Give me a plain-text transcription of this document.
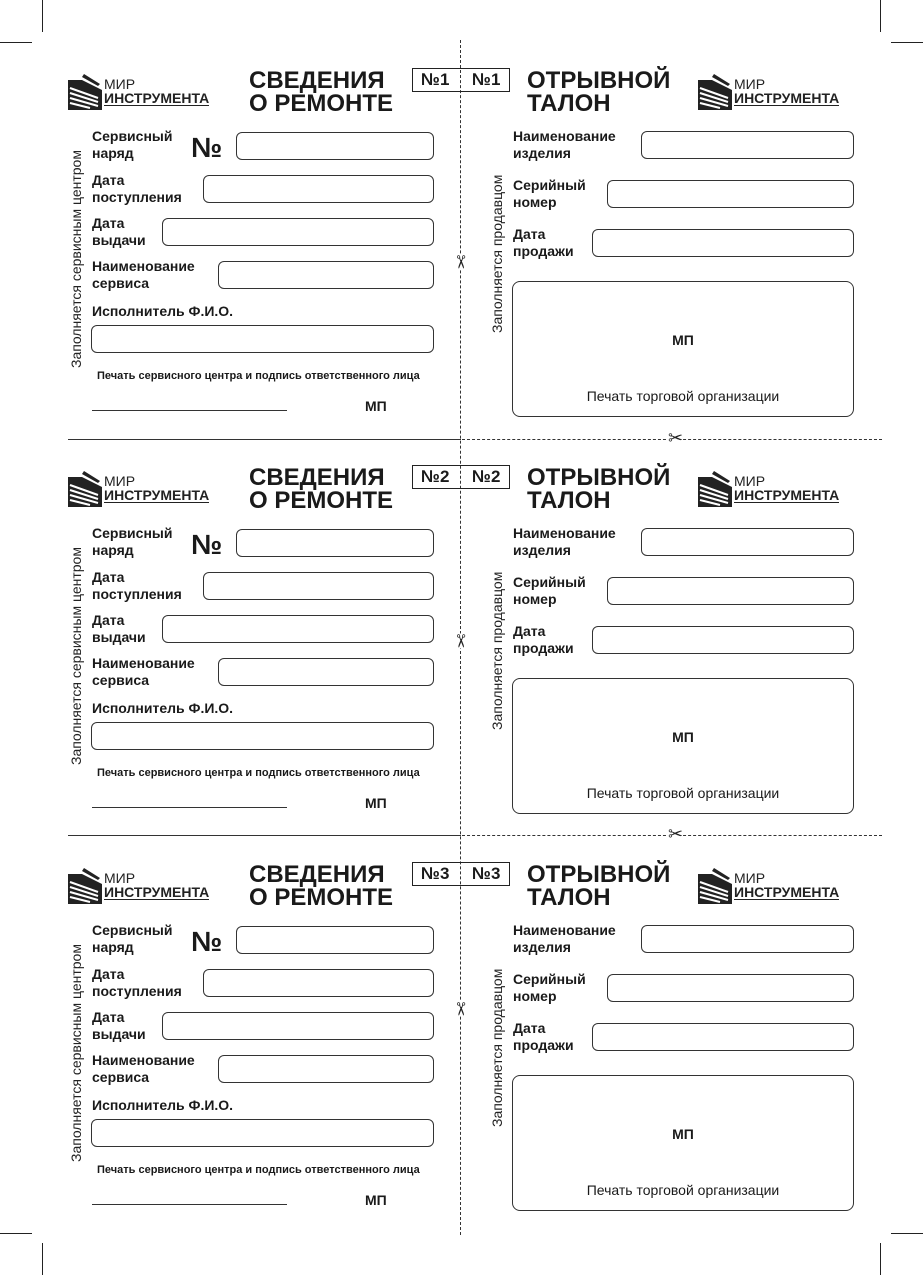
✂
✂
✂
✂
✂
МИР
ИНСТРУМЕНТА
СВЕДЕНИЯ
О РЕМОНТЕ
№1 №1
Заполняется сервисным центром
Сервисный
наряд	№
Дата
поступления
Дата
выдачи
Наименование
сервиса
Исполнитель Ф.И.О.
Печать сервисного центра и подпись ответственного лица
МП
ОТРЫВНОЙ
ТАЛОН
МИР
ИНСТРУМЕНТА
Заполняется продавцом
Наименование
изделия
Серийный
номер
Дата
продажи
МП
Печать торговой организации
МИР
ИНСТРУМЕНТА
СВЕДЕНИЯ
О РЕМОНТЕ
№2 №2
Заполняется сервисным центром
Сервисный
наряд	№
Дата
поступления
Дата
выдачи
Наименование
сервиса
Исполнитель Ф.И.О.
Печать сервисного центра и подпись ответственного лица
МП
ОТРЫВНОЙ
ТАЛОН
МИР
ИНСТРУМЕНТА
Заполняется продавцом
Наименование
изделия
Серийный
номер
Дата
продажи
МП
Печать торговой организации
МИР
ИНСТРУМЕНТА
СВЕДЕНИЯ
О РЕМОНТЕ
№3 №3
Заполняется сервисным центром
Сервисный
наряд	№
Дата
поступления
Дата
выдачи
Наименование
сервиса
Исполнитель Ф.И.О.
Печать сервисного центра и подпись ответственного лица
МП
ОТРЫВНОЙ
ТАЛОН
МИР
ИНСТРУМЕНТА
Заполняется продавцом
Наименование
изделия
Серийный
номер
Дата
продажи
МП
Печать торговой организации
